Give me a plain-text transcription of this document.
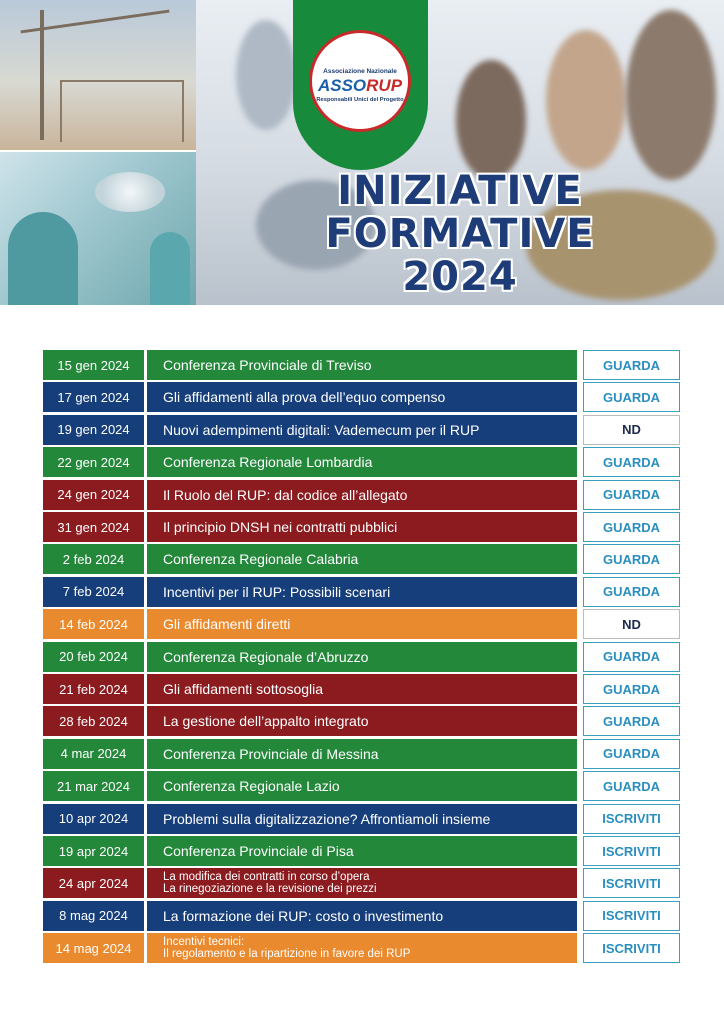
Associazione Nazionale
ASSORUP
Responsabili Unici del Progetto
INIZIATIVE
FORMATIVE
2024
15 gen 2024	Conferenza Provinciale di Treviso	GUARDA
17 gen 2024	Gli affidamenti alla prova dell’equo compenso	GUARDA
19 gen 2024	Nuovi adempimenti digitali: Vademecum per il RUP	ND
22 gen 2024	Conferenza Regionale Lombardia	GUARDA
24 gen 2024	Il Ruolo del RUP: dal codice all’allegato	GUARDA
31 gen 2024	Il principio DNSH nei contratti pubblici	GUARDA
2 feb 2024	Conferenza Regionale Calabria	GUARDA
7 feb 2024	Incentivi per il RUP: Possibili scenari	GUARDA
14 feb 2024	Gli affidamenti diretti	ND
20 feb 2024	Conferenza Regionale d’Abruzzo	GUARDA
21 feb 2024	Gli affidamenti sottosoglia	GUARDA
28 feb 2024	La gestione dell’appalto integrato	GUARDA
4 mar 2024	Conferenza Provinciale di Messina	GUARDA
21 mar 2024	Conferenza Regionale Lazio	GUARDA
10 apr 2024	Problemi sulla digitalizzazione? Affrontiamoli insieme	ISCRIVITI
19 apr 2024	Conferenza Provinciale di Pisa	ISCRIVITI
24 apr 2024	La modifica dei contratti in corso d’opera
La rinegoziazione e la revisione dei prezzi	ISCRIVITI
8 mag 2024	La formazione dei RUP: costo o investimento	ISCRIVITI
14 mag 2024	Incentivi tecnici:
Il regolamento e la ripartizione in favore dei RUP	ISCRIVITI
